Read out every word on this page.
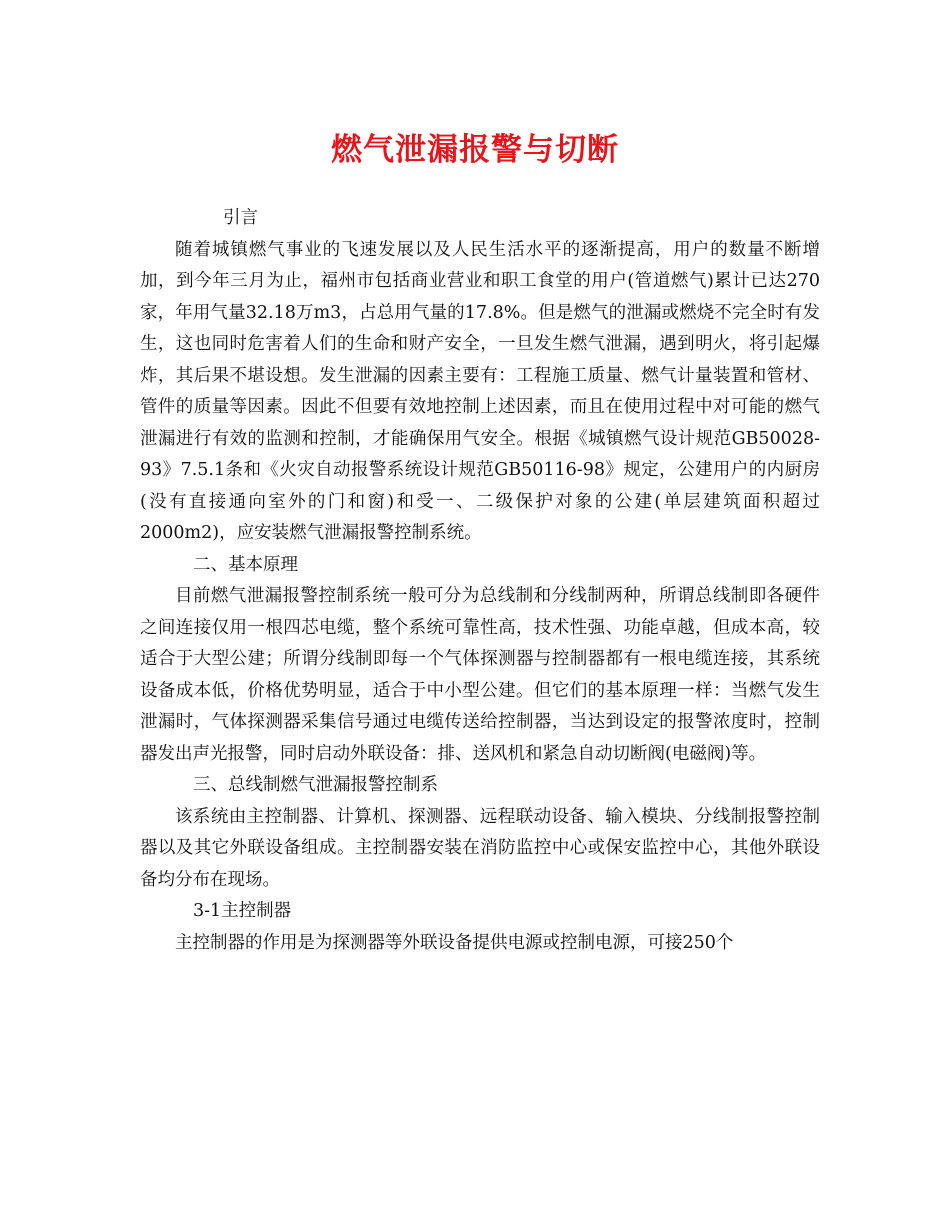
燃气泄漏报警与切断

引言

随着城镇燃气事业的飞速发展以及人民生活水平的逐渐提高，用户的数量不断增加，到今年三月为止，福州市包括商业营业和职工食堂的用户(管道燃气)累计已达270家，年用气量32.18万m3，占总用气量的17.8%。但是燃气的泄漏或燃烧不完全时有发生，这也同时危害着人们的生命和财产安全，一旦发生燃气泄漏，遇到明火，将引起爆炸，其后果不堪设想。发生泄漏的因素主要有：工程施工质量、燃气计量装置和管材、管件的质量等因素。因此不但要有效地控制上述因素，而且在使用过程中对可能的燃气泄漏进行有效的监测和控制，才能确保用气安全。根据《城镇燃气设计规范GB50028-93》7.5.1条和《火灾自动报警系统设计规范GB50116-98》规定，公建用户的内厨房(没有直接通向室外的门和窗)和受一、二级保护对象的公建(单层建筑面积超过2000m2)，应安装燃气泄漏报警控制系统。

二、基本原理

目前燃气泄漏报警控制系统一般可分为总线制和分线制两种，所谓总线制即各硬件之间连接仅用一根四芯电缆，整个系统可靠性高，技术性强、功能卓越，但成本高，较适合于大型公建；所谓分线制即每一个气体探测器与控制器都有一根电缆连接，其系统设备成本低，价格优势明显，适合于中小型公建。但它们的基本原理一样：当燃气发生泄漏时，气体探测器采集信号通过电缆传送给控制器，当达到设定的报警浓度时，控制器发出声光报警，同时启动外联设备：排、送风机和紧急自动切断阀(电磁阀)等。

三、总线制燃气泄漏报警控制系

该系统由主控制器、计算机、探测器、远程联动设备、输入模块、分线制报警控制器以及其它外联设备组成。主控制器安装在消防监控中心或保安监控中心，其他外联设备均分布在现场。

3-1主控制器

主控制器的作用是为探测器等外联设备提供电源或控制电源，可接250个
